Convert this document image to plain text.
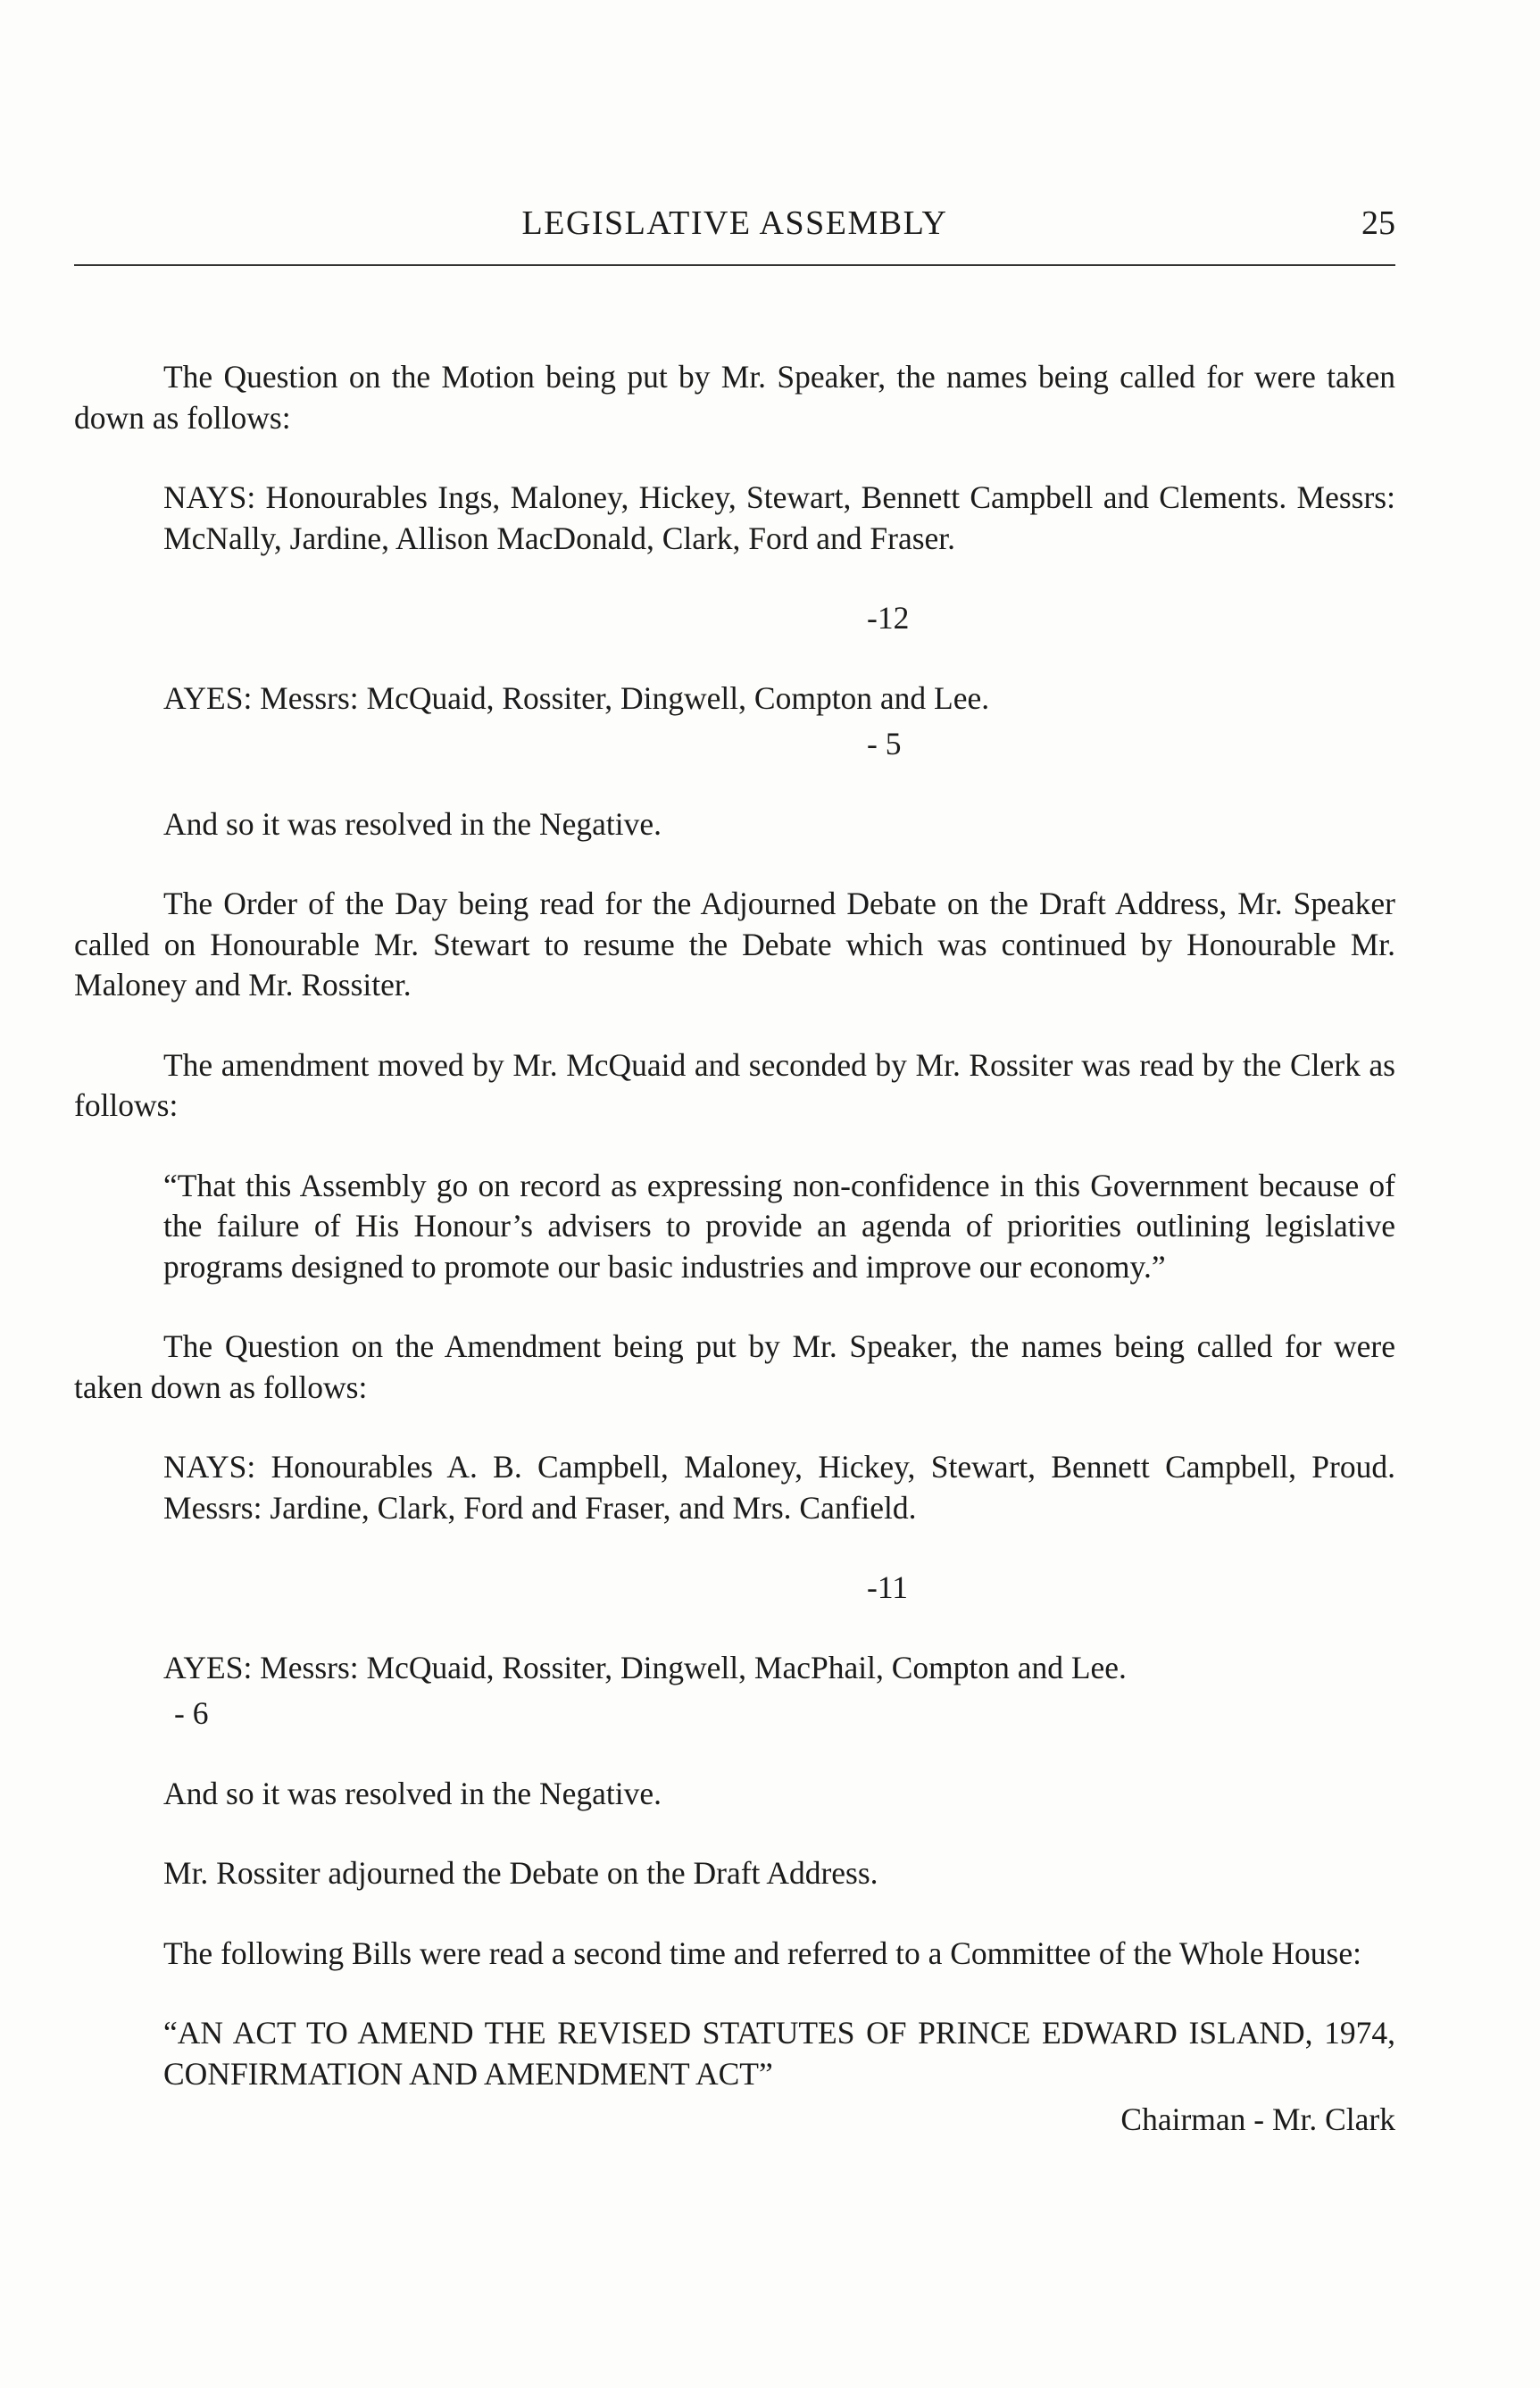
LEGISLATIVE ASSEMBLY	25

The Question on the Motion being put by Mr. Speaker, the names being called for were taken down as follows:

NAYS: Honourables Ings, Maloney, Hickey, Stewart, Bennett Campbell and Clements. Messrs: McNally, Jardine, Allison MacDonald, Clark, Ford and Fraser.

-12

AYES: Messrs: McQuaid, Rossiter, Dingwell, Compton and Lee.

- 5

And so it was resolved in the Negative.

The Order of the Day being read for the Adjourned Debate on the Draft Address, Mr. Speaker called on Honourable Mr. Stewart to resume the Debate which was continued by Honourable Mr. Maloney and Mr. Rossiter.

The amendment moved by Mr. McQuaid and seconded by Mr. Rossiter was read by the Clerk as follows:

“That this Assembly go on record as expressing non-confidence in this Government because of the failure of His Honour’s advisers to provide an agenda of priorities outlining legislative programs designed to promote our basic industries and improve our economy.”

The Question on the Amendment being put by Mr. Speaker, the names being called for were taken down as follows:

NAYS: Honourables A. B. Campbell, Maloney, Hickey, Stewart, Bennett Campbell, Proud. Messrs: Jardine, Clark, Ford and Fraser, and Mrs. Canfield.

-11

AYES: Messrs: McQuaid, Rossiter, Dingwell, MacPhail, Compton and Lee.

- 6

And so it was resolved in the Negative.

Mr. Rossiter adjourned the Debate on the Draft Address.

The following Bills were read a second time and referred to a Committee of the Whole House:

“AN ACT TO AMEND THE REVISED STATUTES OF PRINCE EDWARD ISLAND, 1974, CONFIRMATION AND AMENDMENT ACT”

Chairman - Mr. Clark
